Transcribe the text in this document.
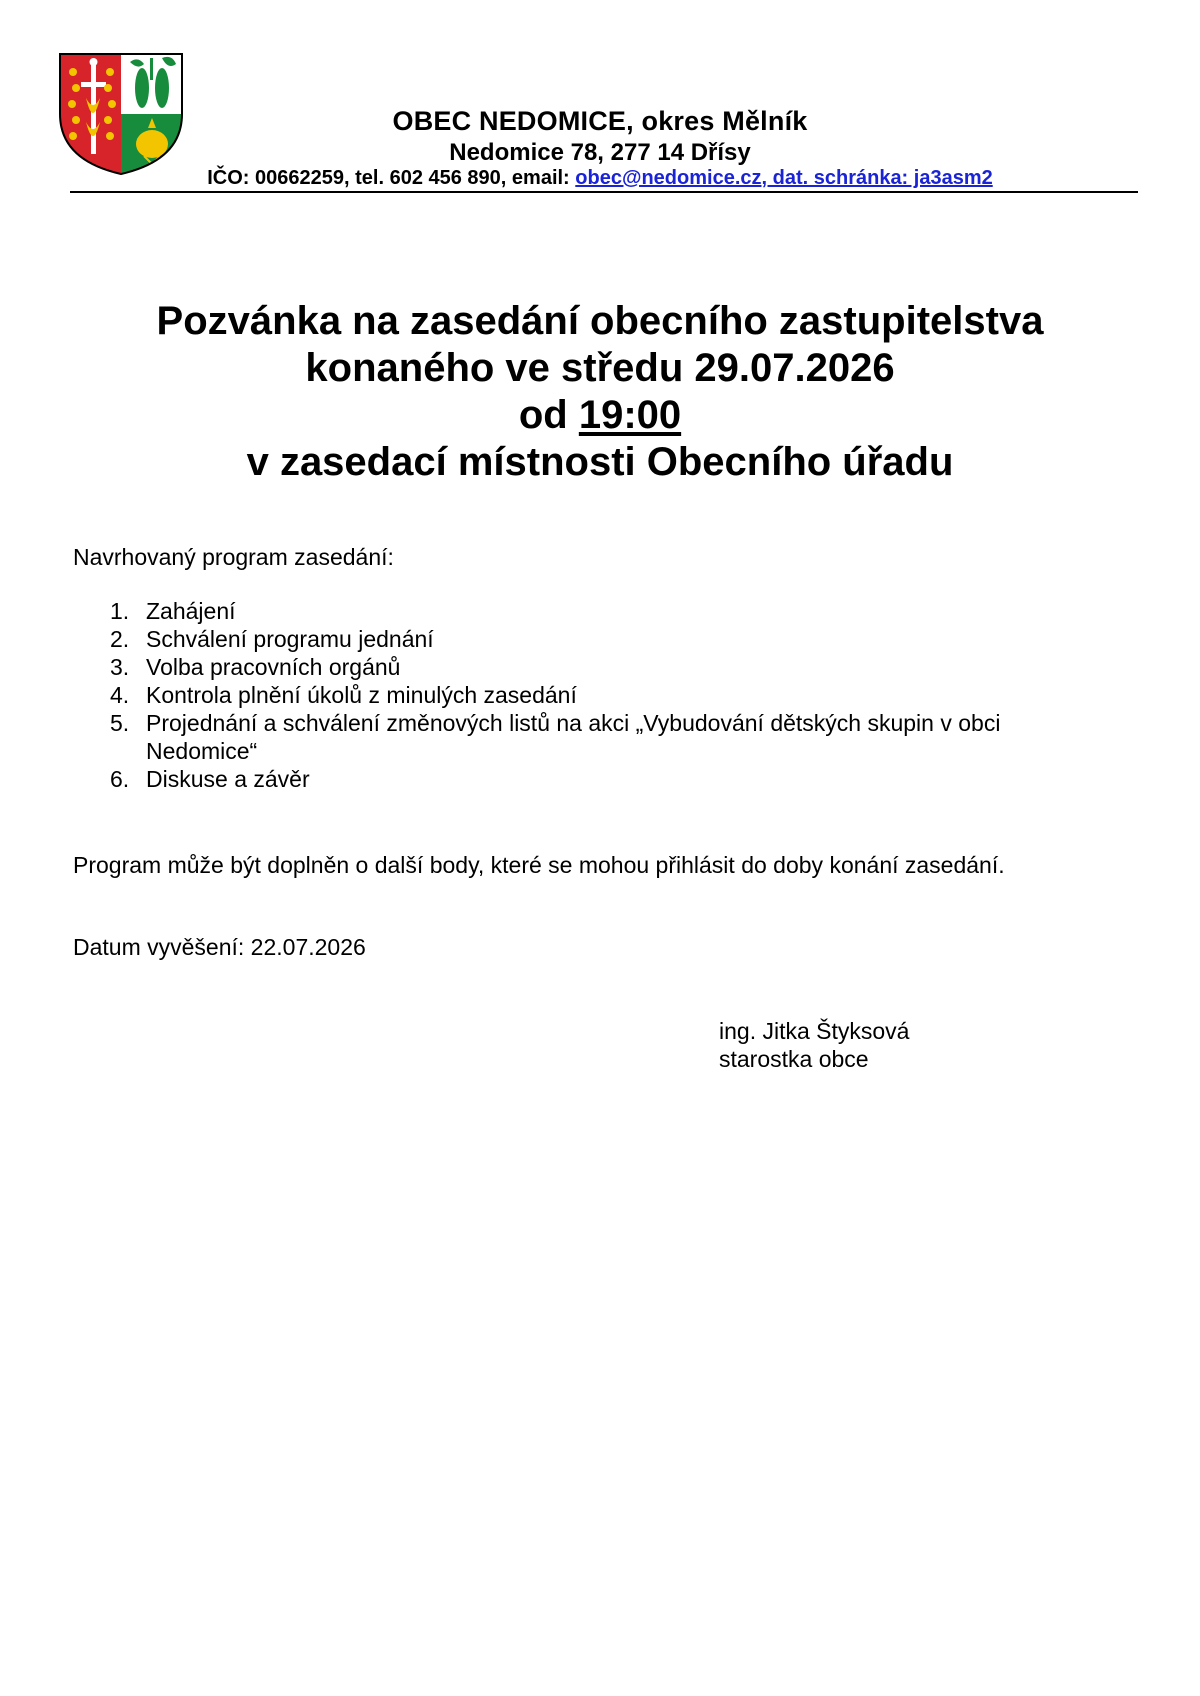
OBEC NEDOMICE, okres Mělník
Nedomice 78, 277 14 Dřísy
IČO: 00662259, tel. 602 456 890, email: obec@nedomice.cz, dat. schránka: ja3asm2
Pozvánka na zasedání obecního zastupitelstva
konaného ve středu 29.07.2026
od 19:00
v zasedací místnosti Obecního úřadu
Navrhovaný program zasedání:
1. Zahájení
2. Schválení programu jednání
3. Volba pracovních orgánů
4. Kontrola plnění úkolů z minulých zasedání
5. Projednání a schválení změnových listů na akci „Vybudování dětských skupin v obci Nedomice“
6. Diskuse a závěr
Program může být doplněn o další body, které se mohou přihlásit do doby konání zasedání.
Datum vyvěšení: 22.07.2026
ing. Jitka Štyksová
starostka obce
